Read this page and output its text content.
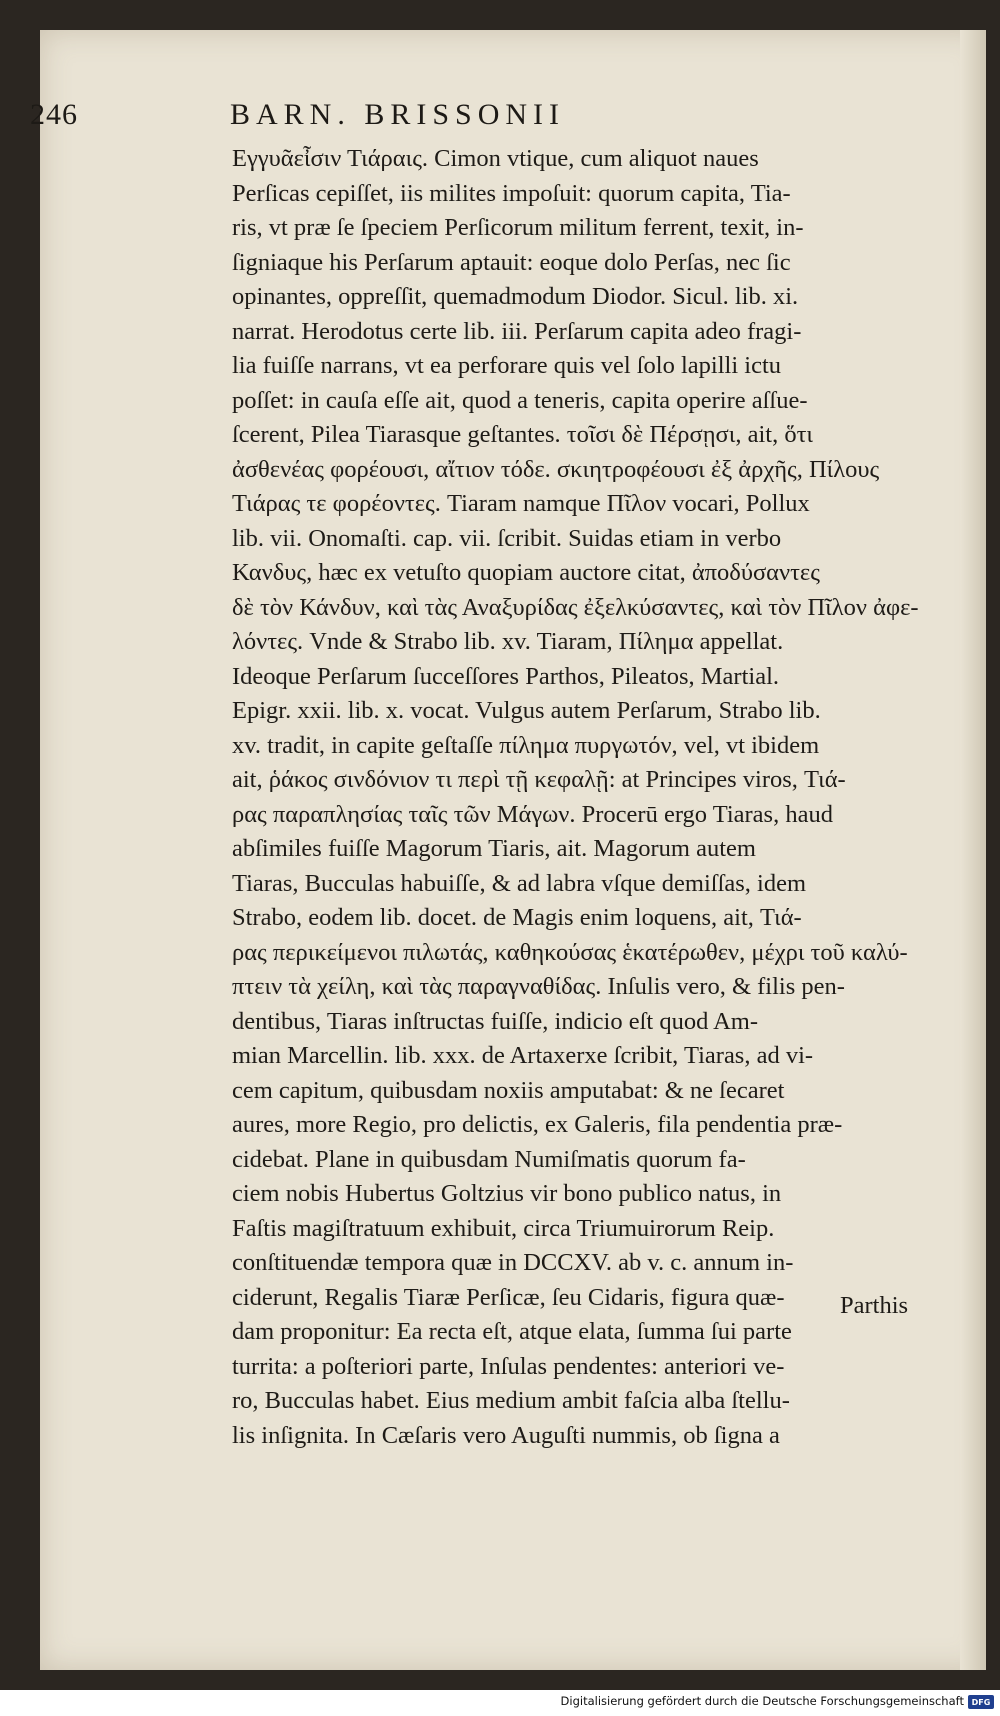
246	BARN. BRISSONII
Εγγυᾶεἶσιν Τιάραις. Cimon vtique, cum aliquot naues
Perſicas cepiſſet, iis milites impoſuit: quorum capita, Tia-
ris, vt præ ſe ſpeciem Perſicorum militum ferrent, texit, in-
ſigniaque his Perſarum aptauit: eoque dolo Perſas, nec ſic
opinantes, oppreſſit, quemadmodum Diodor. Sicul. lib. xi.
narrat. Herodotus certe lib. iii. Perſarum capita adeo fragi-
lia fuiſſe narrans, vt ea perforare quis vel ſolo lapilli ictu
poſſet: in cauſa eſſe ait, quod a teneris, capita operire aſſue-
ſcerent, Pilea Tiarasque geſtantes. τοῖσι δὲ Πέρσῃσι, ait, ὅτι
ἀσθενέας φορέουσι, αἴτιον τόδε. σκιητροφέουσι ἐξ ἀρχῆς, Πίλους
Τιάρας τε φορέοντες. Tiaram namque Πῖλον vocari, Pollux
lib. vii. Onomaſti. cap. vii. ſcribit. Suidas etiam in verbo
Κανδυς, hæc ex vetuſto quopiam auctore citat, ἀποδύσαντες
δὲ τὸν Κάνδυν, καὶ τὰς Αναξυρίδας ἐξελκύσαντες, καὶ τὸν Πῖλον ἀφε-
λόντες. Vnde & Strabo lib. xv. Tiaram, Πίλημα appellat.
Ideoque Perſarum ſucceſſores Parthos, Pileatos, Martial.
Epigr. xxii. lib. x. vocat. Vulgus autem Perſarum, Strabo lib.
xv. tradit, in capite geſtaſſe πίλημα πυργωτόν, vel, vt ibidem
ait, ῥάκος σινδόνιον τι περὶ τῇ κεφαλῇ: at Principes viros, Τιά-
ρας παραπλησίας ταῖς τῶν Μάγων. Procerū ergo Tiaras, haud
abſimiles fuiſſe Magorum Tiaris, ait. Magorum autem
Tiaras, Bucculas habuiſſe, & ad labra vſque demiſſas, idem
Strabo, eodem lib. docet. de Magis enim loquens, ait, Τιά-
ρας περικείμενοι πιλωτάς, καθηκούσας ἑκατέρωθεν, μέχρι τοῦ καλύ-
πτειν τὰ χείλη, καὶ τὰς παραγναθίδας. Inſulis vero, & filis pen-
dentibus, Tiaras inſtructas fuiſſe, indicio eſt quod Am-
mian Marcellin. lib. xxx. de Artaxerxe ſcribit, Tiaras, ad vi-
cem capitum, quibusdam noxiis amputabat: & ne ſecaret
aures, more Regio, pro delictis, ex Galeris, fila pendentia præ-
cidebat. Plane in quibusdam Numiſmatis quorum fa-
ciem nobis Hubertus Goltzius vir bono publico natus, in
Faſtis magiſtratuum exhibuit, circa Triumuirorum Reip.
conſtituendæ tempora quæ in DCCXV. ab v. c. annum in-
ciderunt, Regalis Tiaræ Perſicæ, ſeu Cidaris, figura quæ-
dam proponitur: Ea recta eſt, atque elata, ſumma ſui parte
turrita: a poſteriori parte, Inſulas pendentes: anteriori ve-
ro, Bucculas habet. Eius medium ambit faſcia alba ſtellu-
lis inſignita. In Cæſaris vero Auguſti nummis, ob ſigna a
Parthis
Digitalisierung gefördert durch die Deutsche Forschungsgemeinschaft DFG
